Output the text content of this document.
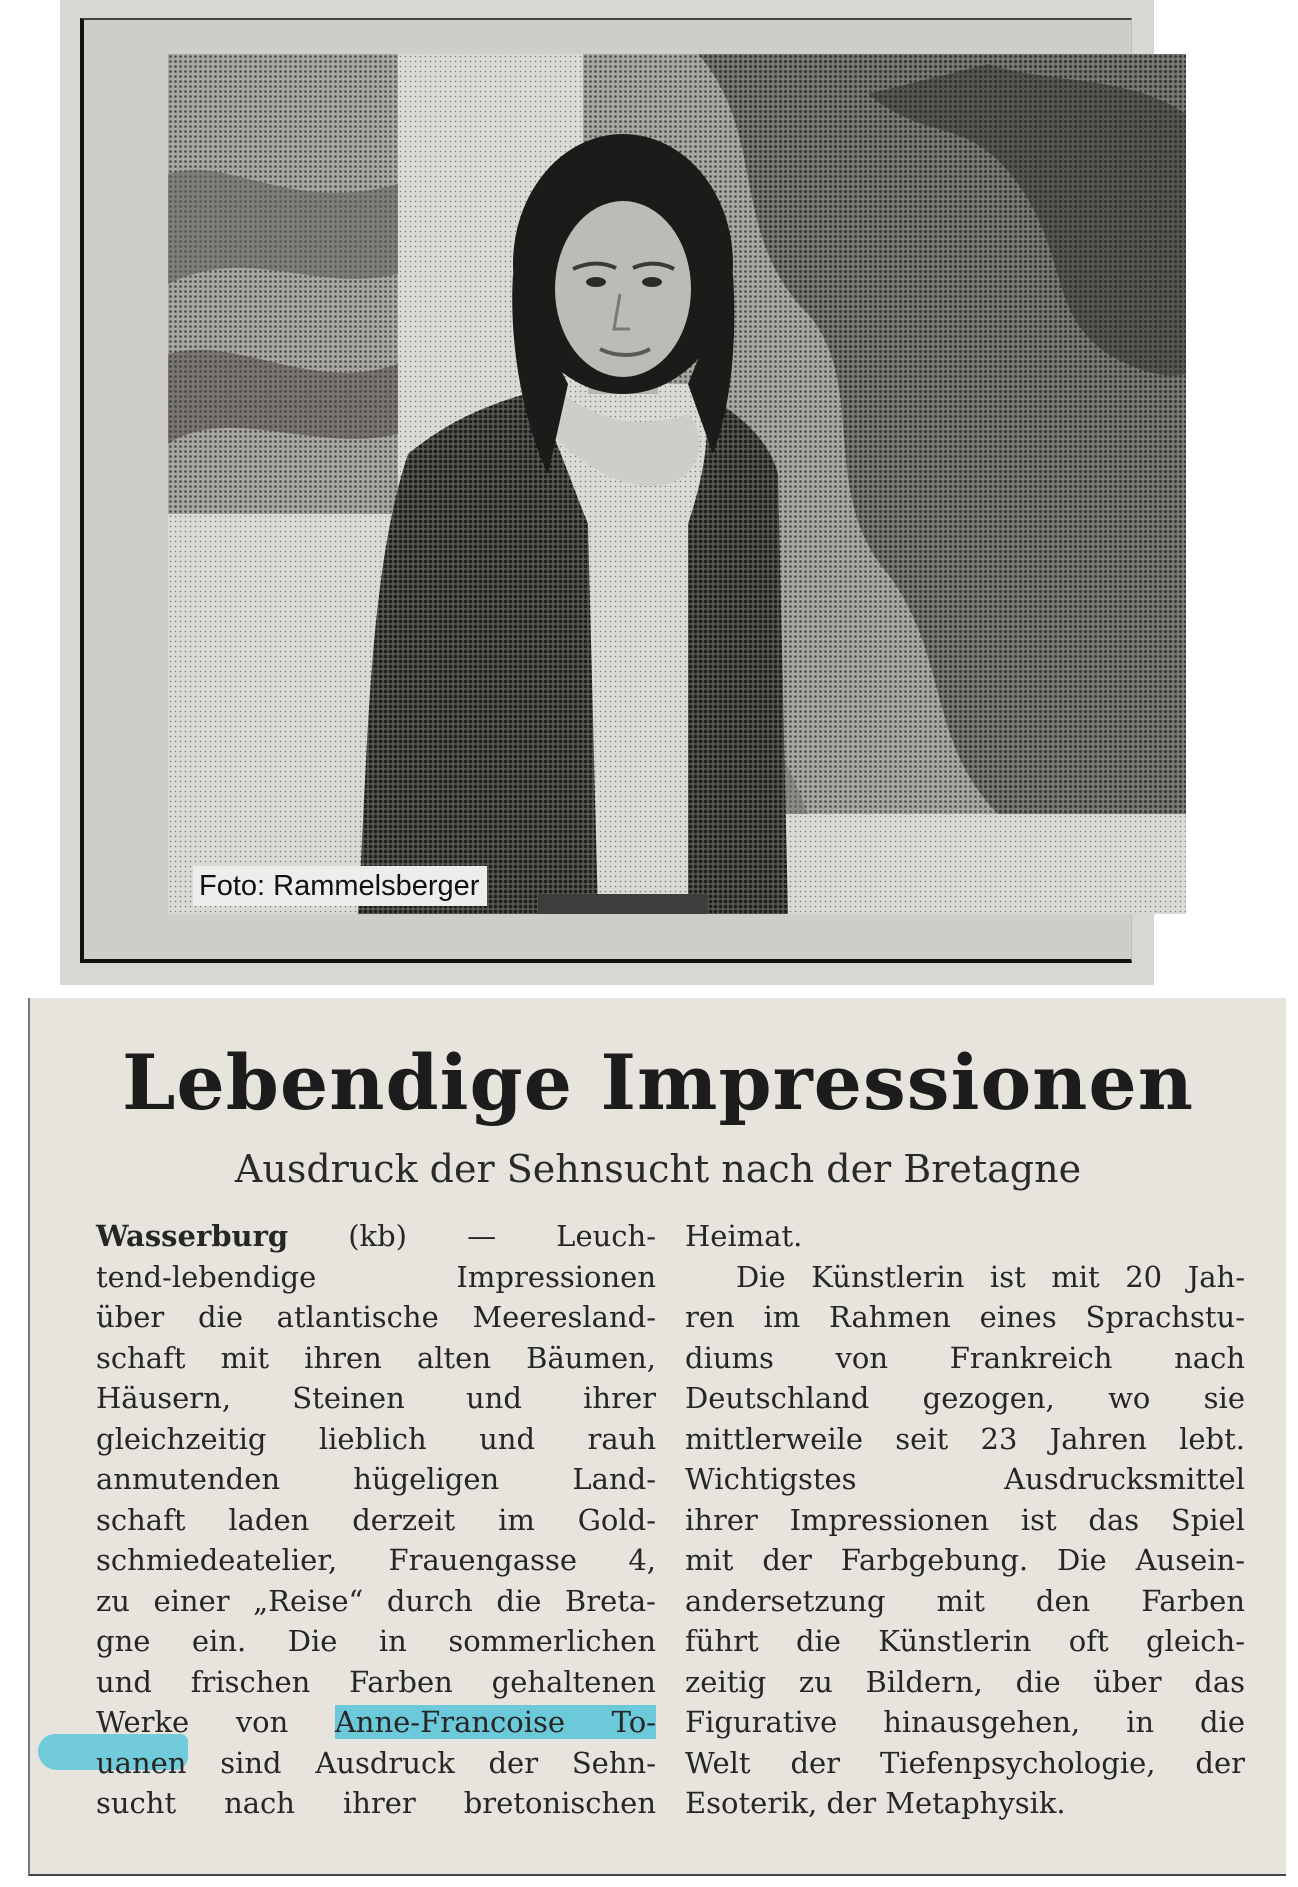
Foto: Rammelsberger
Lebendige Impressionen
Ausdruck der Sehnsucht nach der Bretagne
Wasserburg (kb) — Leuch-
tend-lebendige Impressionen
über die atlantische Meeresland-
schaft mit ihren alten Bäumen,
Häusern, Steinen und ihrer
gleichzeitig lieblich und rauh
anmutenden hügeligen Land-
schaft laden derzeit im Gold-
schmiedeatelier, Frauengasse 4,
zu einer „Reise“ durch die Breta-
gne ein. Die in sommerlichen
und frischen Farben gehaltenen
Werke von Anne-Francoise To-
uanen sind Ausdruck der Sehn-
sucht nach ihrer bretonischen
Heimat.
Die Künstlerin ist mit 20 Jah-
ren im Rahmen eines Sprachstu-
diums von Frankreich nach
Deutschland gezogen, wo sie
mittlerweile seit 23 Jahren lebt.
Wichtigstes Ausdrucksmittel
ihrer Impressionen ist das Spiel
mit der Farbgebung. Die Ausein-
andersetzung mit den Farben
führt die Künstlerin oft gleich-
zeitig zu Bildern, die über das
Figurative hinausgehen, in die
Welt der Tiefenpsychologie, der
Esoterik, der Metaphysik.
